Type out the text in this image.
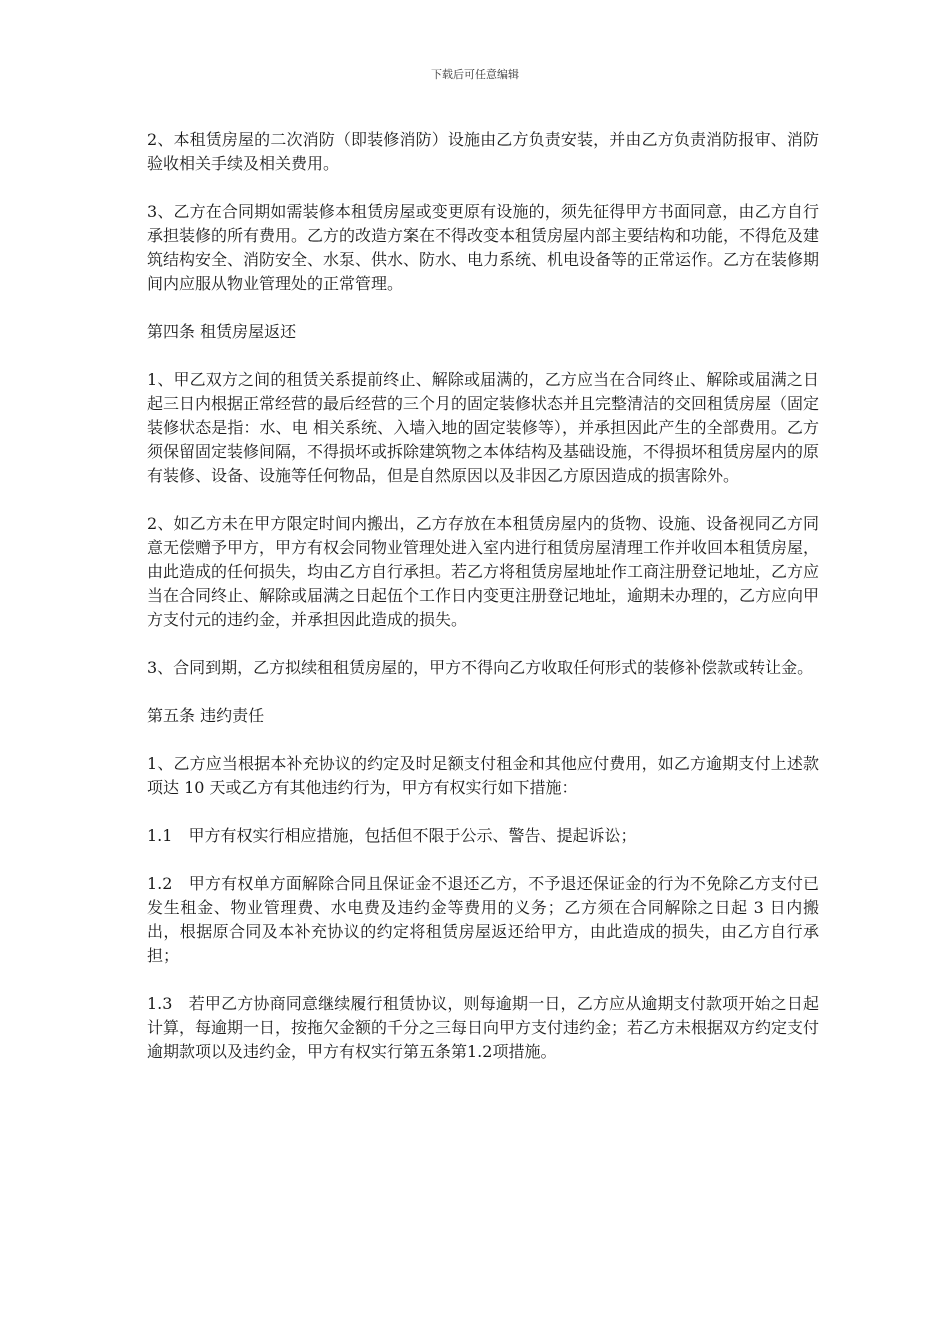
下载后可任意编辑

2、本租赁房屋的二次消防（即装修消防）设施由乙方负责安装，并由乙方负责消防报审、消防验收相关手续及相关费用。

3、乙方在合同期如需装修本租赁房屋或变更原有设施的，须先征得甲方书面同意，由乙方自行承担装修的所有费用。乙方的改造方案在不得改变本租赁房屋内部主要结构和功能，不得危及建筑结构安全、消防安全、水泵、供水、防水、电力系统、机电设备等的正常运作。乙方在装修期间内应服从物业管理处的正常管理。

第四条 租赁房屋返还

1、甲乙双方之间的租赁关系提前终止、解除或届满的，乙方应当在合同终止、解除或届满之日起三日内根据正常经营的最后经营的三个月的固定装修状态并且完整清洁的交回租赁房屋（固定装修状态是指：水、电 相关系统、入墙入地的固定装修等），并承担因此产生的全部费用。乙方须保留固定装修间隔，不得损坏或拆除建筑物之本体结构及基础设施，不得损坏租赁房屋内的原有装修、设备、设施等任何物品，但是自然原因以及非因乙方原因造成的损害除外。

2、如乙方未在甲方限定时间内搬出，乙方存放在本租赁房屋内的货物、设施、设备视同乙方同意无偿赠予甲方，甲方有权会同物业管理处进入室内进行租赁房屋清理工作并收回本租赁房屋，由此造成的任何损失，均由乙方自行承担。若乙方将租赁房屋地址作工商注册登记地址，乙方应当在合同终止、解除或届满之日起伍个工作日内变更注册登记地址，逾期未办理的，乙方应向甲方支付元的违约金，并承担因此造成的损失。

3、合同到期，乙方拟续租租赁房屋的，甲方不得向乙方收取任何形式的装修补偿款或转让金。

第五条 违约责任

1、乙方应当根据本补充协议的约定及时足额支付租金和其他应付费用，如乙方逾期支付上述款项达 10 天或乙方有其他违约行为，甲方有权实行如下措施：

1.1　甲方有权实行相应措施，包括但不限于公示、警告、提起诉讼；

1.2　甲方有权单方面解除合同且保证金不退还乙方，不予退还保证金的行为不免除乙方支付已发生租金、物业管理费、水电费及违约金等费用的义务；乙方须在合同解除之日起 3 日内搬出，根据原合同及本补充协议的约定将租赁房屋返还给甲方，由此造成的损失，由乙方自行承担；

1.3　若甲乙方协商同意继续履行租赁协议，则每逾期一日，乙方应从逾期支付款项开始之日起计算，每逾期一日，按拖欠金额的千分之三每日向甲方支付违约金；若乙方未根据双方约定支付逾期款项以及违约金，甲方有权实行第五条第1.2项措施。
